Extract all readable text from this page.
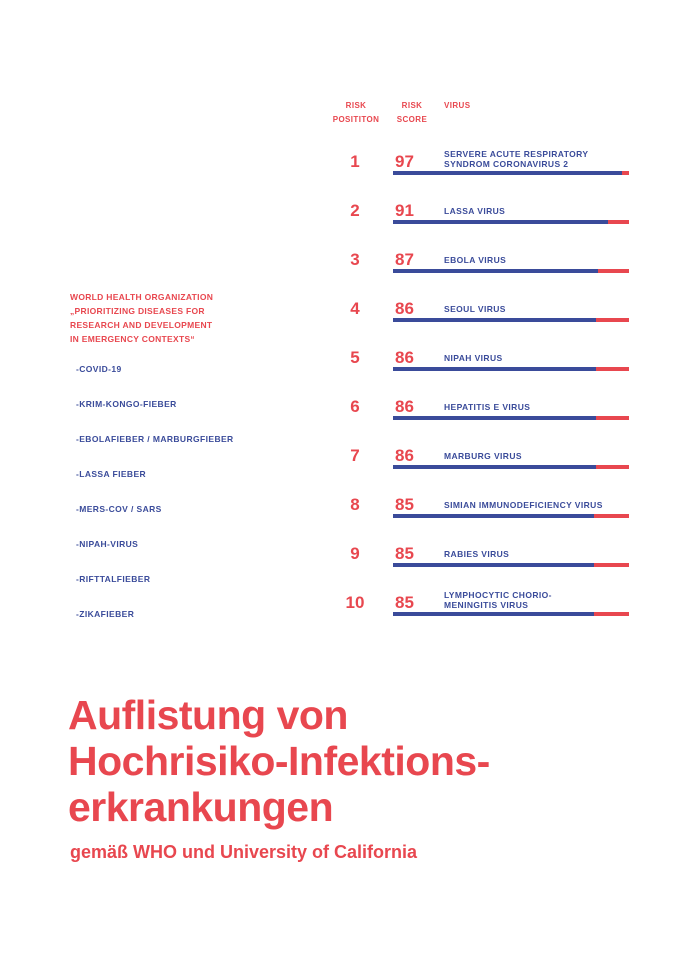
RISK
POSITITON
RISK
SCORE
VIRUS
1	97	SERVERE ACUTE RESPIRATORY
SYNDROM CORONAVIRUS 2
2	91	LASSA VIRUS
3	87	EBOLA VIRUS
4	86	SEOUL VIRUS
5	86	NIPAH VIRUS
6	86	HEPATITIS E VIRUS
7	86	MARBURG VIRUS
8	85	SIMIAN IMMUNODEFICIENCY VIRUS
9	85	RABIES VIRUS
10	85	LYMPHOCYTIC CHORIO-
MENINGITIS VIRUS
WORLD HEALTH ORGANIZATION
„PRIORITIZING DISEASES FOR
RESEARCH AND DEVELOPMENT
IN EMERGENCY CONTEXTS“
-COVID-19
-KRIM-KONGO-FIEBER
-EBOLAFIEBER / MARBURGFIEBER
-LASSA FIEBER
-MERS-COV / SARS
-NIPAH-VIRUS
-RIFTTALFIEBER
-ZIKAFIEBER
Auflistung von
Hochrisiko-Infektions-
erkrankungen

gemäß WHO und University of California
